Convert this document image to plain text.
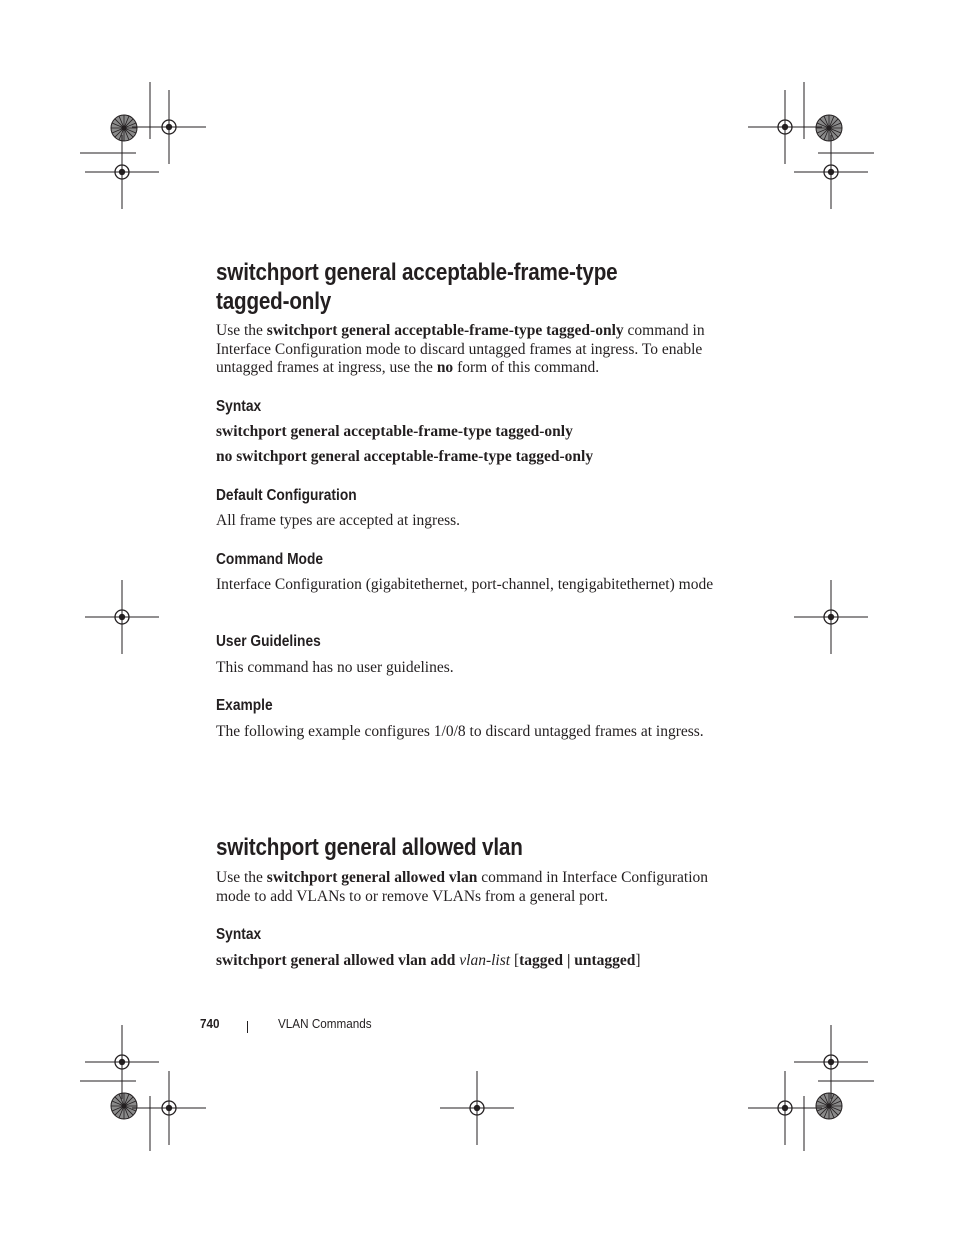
switchport general acceptable-frame-type
tagged-only

Use the switchport general acceptable-frame-type tagged-only command in Interface Configuration mode to discard untagged frames at ingress. To enable untagged frames at ingress, use the no form of this command.

Syntax

switchport general acceptable-frame-type tagged-only

no switchport general acceptable-frame-type tagged-only

Default Configuration

All frame types are accepted at ingress.

Command Mode

Interface Configuration (gigabitethernet, port-channel, tengigabitethernet) mode

User Guidelines

This command has no user guidelines.

Example

The following example configures 1/0/8 to discard untagged frames at ingress.

switchport general allowed vlan

Use the switchport general allowed vlan command in Interface Configuration mode to add VLANs to or remove VLANs from a general port.

Syntax

switchport general allowed vlan add vlan-list [tagged | untagged]

740	VLAN Commands
